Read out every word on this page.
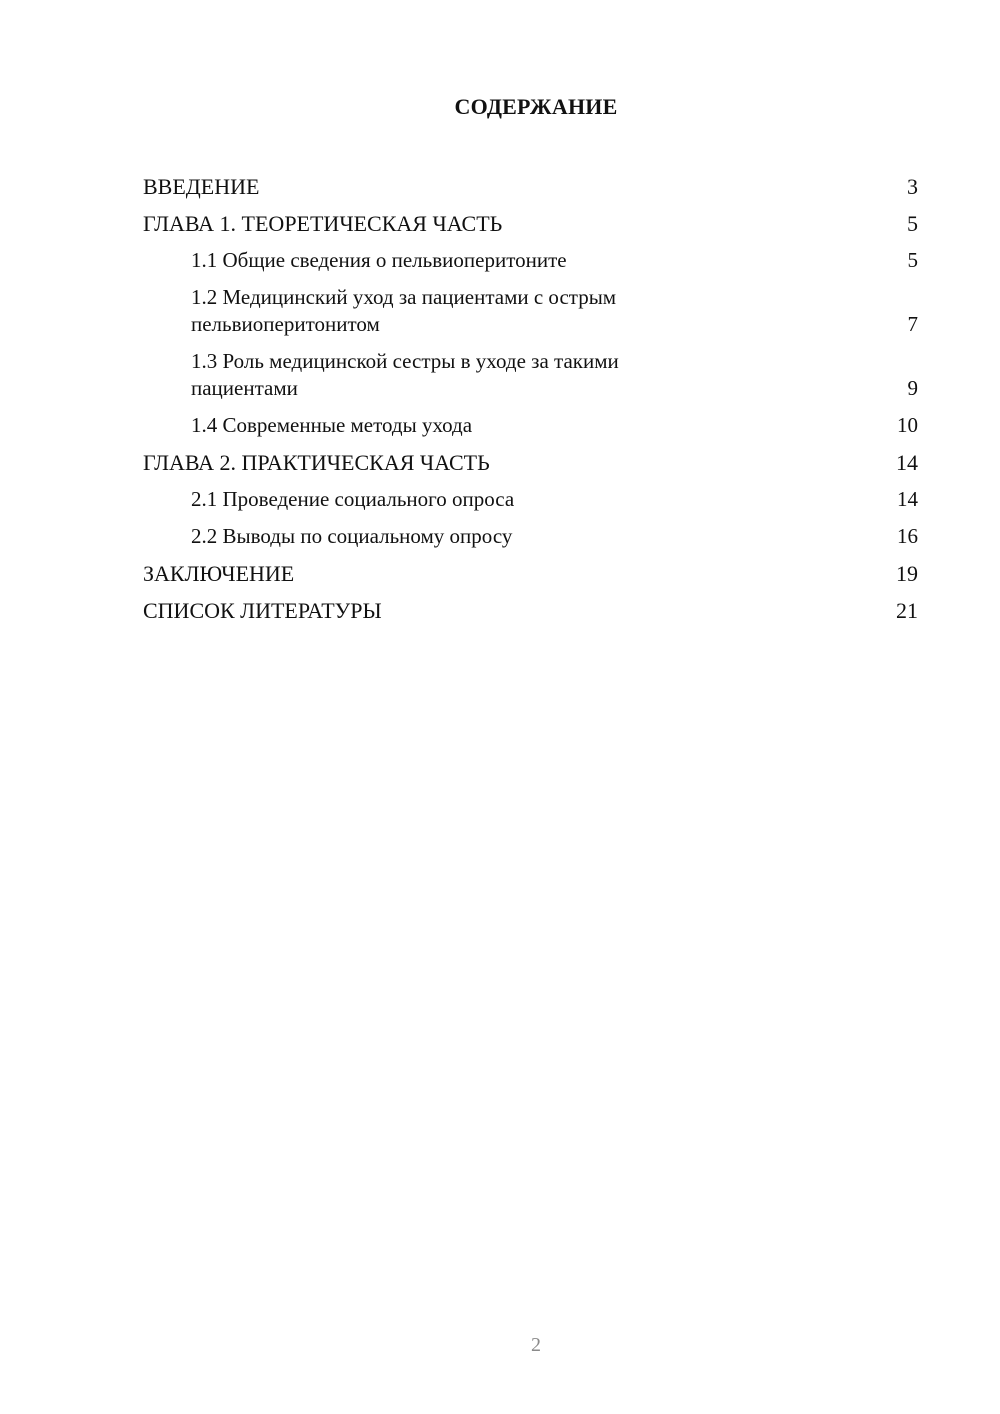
СОДЕРЖАНИЕ
ВВЕДЕНИЕ	3
ГЛАВА 1. ТЕОРЕТИЧЕСКАЯ ЧАСТЬ	5
1.1 Общие сведения о пельвиоперитоните	5
1.2 Медицинский уход за пациентами с острым пельвиоперитонитом	7
1.3 Роль медицинской сестры в уходе за такими пациентами	9
1.4 Современные методы ухода	10
ГЛАВА 2. ПРАКТИЧЕСКАЯ ЧАСТЬ	14
2.1 Проведение социального опроса	14
2.2 Выводы по социальному опросу	16
ЗАКЛЮЧЕНИЕ	19
СПИСОК ЛИТЕРАТУРЫ	21
2
